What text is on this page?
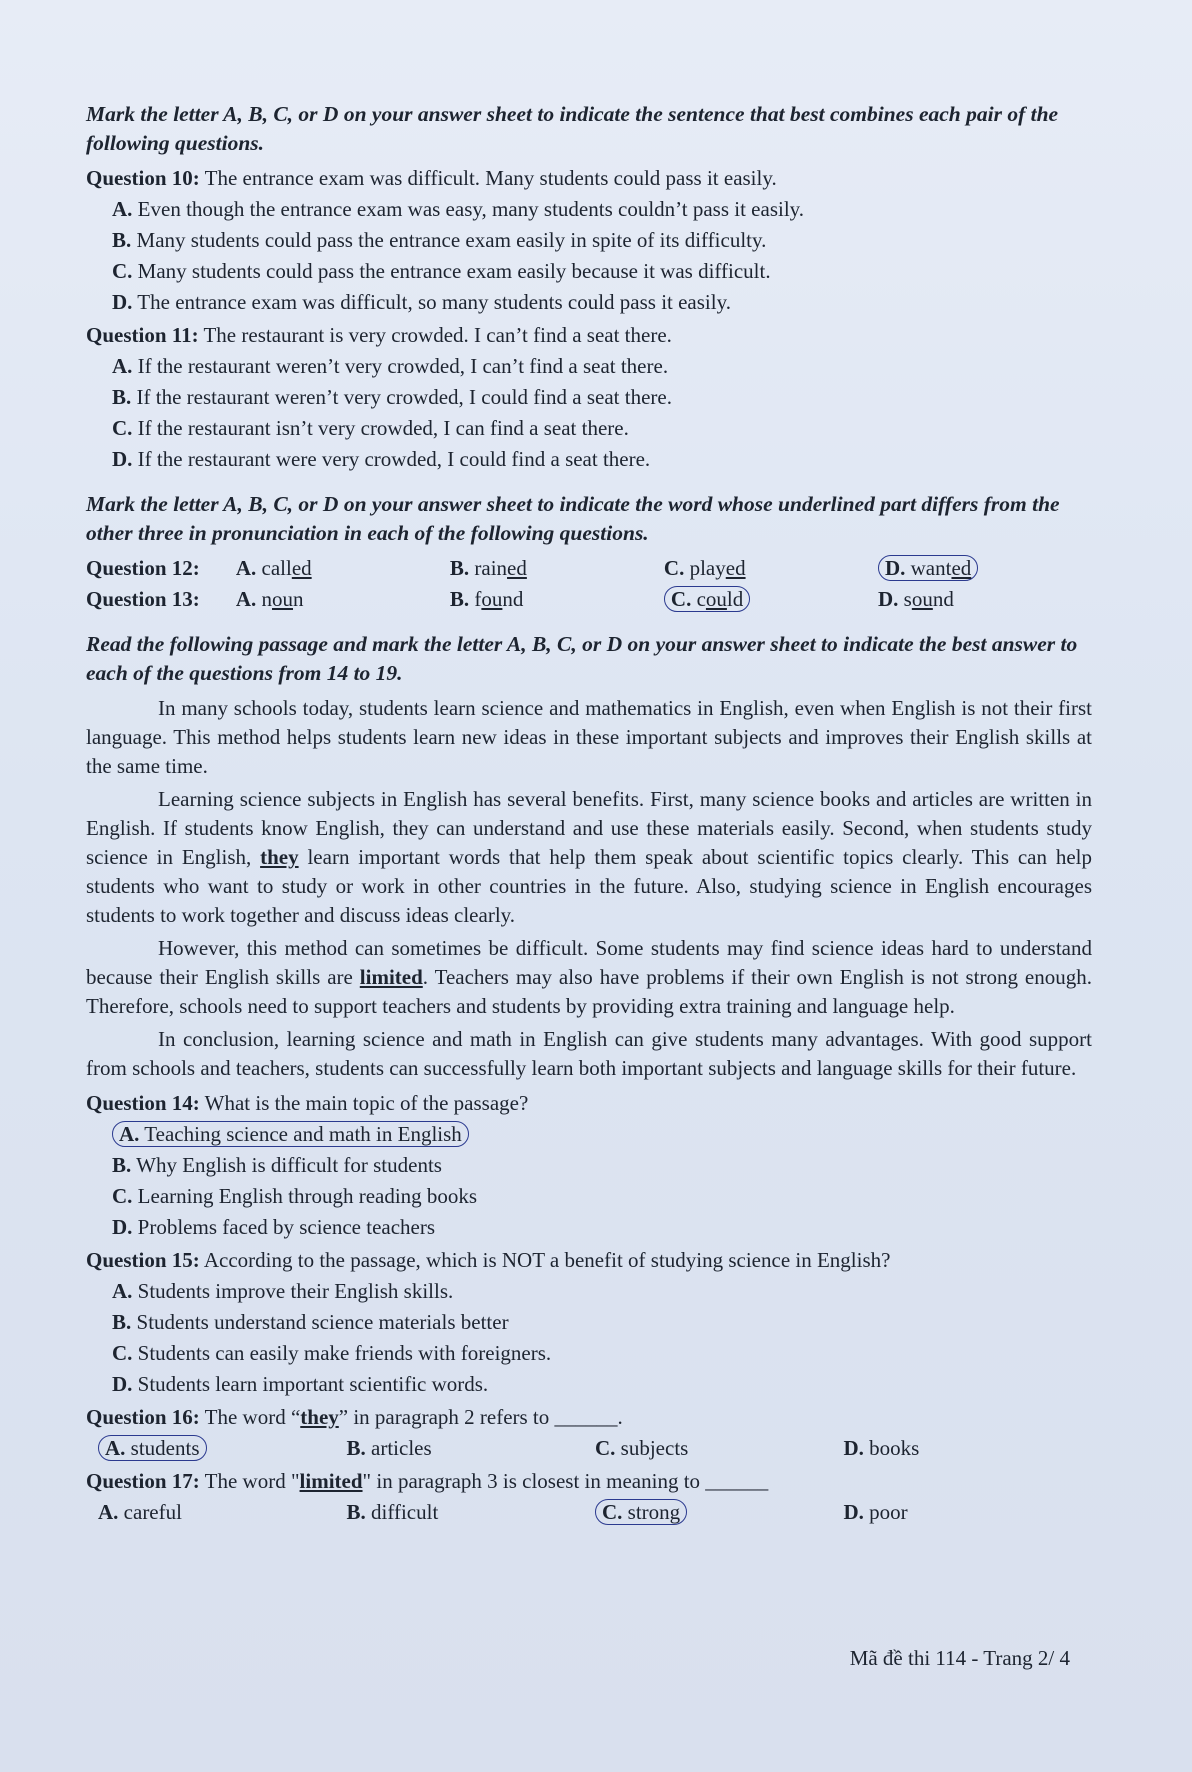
Mark the letter A, B, C, or D on your answer sheet to indicate the sentence that best combines each pair of the following questions.
Question 10: The entrance exam was difficult. Many students could pass it easily.
A. Even though the entrance exam was easy, many students couldn’t pass it easily.
B. Many students could pass the entrance exam easily in spite of its difficulty.
C. Many students could pass the entrance exam easily because it was difficult.
D. The entrance exam was difficult, so many students could pass it easily.
Question 11: The restaurant is very crowded. I can’t find a seat there.
A. If the restaurant weren’t very crowded, I can’t find a seat there.
B. If the restaurant weren’t very crowded, I could find a seat there.
C. If the restaurant isn’t very crowded, I can find a seat there.
D. If the restaurant were very crowded, I could find a seat there.
Mark the letter A, B, C, or D on your answer sheet to indicate the word whose underlined part differs from the other three in pronunciation in each of the following questions.
Question 12:	A. called	B. rained	C. played	D. wanted
Question 13:	A. noun	B. found	C. could	D. sound
Read the following passage and mark the letter A, B, C, or D on your answer sheet to indicate the best answer to each of the questions from 14 to 19.

In many schools today, students learn science and mathematics in English, even when English is not their first language. This method helps students learn new ideas in these important subjects and improves their English skills at the same time.

Learning science subjects in English has several benefits. First, many science books and articles are written in English. If students know English, they can understand and use these materials easily. Second, when students study science in English, they learn important words that help them speak about scientific topics clearly. This can help students who want to study or work in other countries in the future. Also, studying science in English encourages students to work together and discuss ideas clearly.

However, this method can sometimes be difficult. Some students may find science ideas hard to understand because their English skills are limited. Teachers may also have problems if their own English is not strong enough. Therefore, schools need to support teachers and students by providing extra training and language help.

In conclusion, learning science and math in English can give students many advantages. With good support from schools and teachers, students can successfully learn both important subjects and language skills for their future.

Question 14: What is the main topic of the passage?
A. Teaching science and math in English
B. Why English is difficult for students
C. Learning English through reading books
D. Problems faced by science teachers
Question 15: According to the passage, which is NOT a benefit of studying science in English?
A. Students improve their English skills.
B. Students understand science materials better
C. Students can easily make friends with foreigners.
D. Students learn important scientific words.
Question 16: The word “they” in paragraph 2 refers to ______.
A. students	B. articles	C. subjects	D. books
Question 17: The word "limited" in paragraph 3 is closest in meaning to ______
A. careful	B. difficult	C. strong	D. poor
Mã đề thi 114 - Trang 2/ 4
